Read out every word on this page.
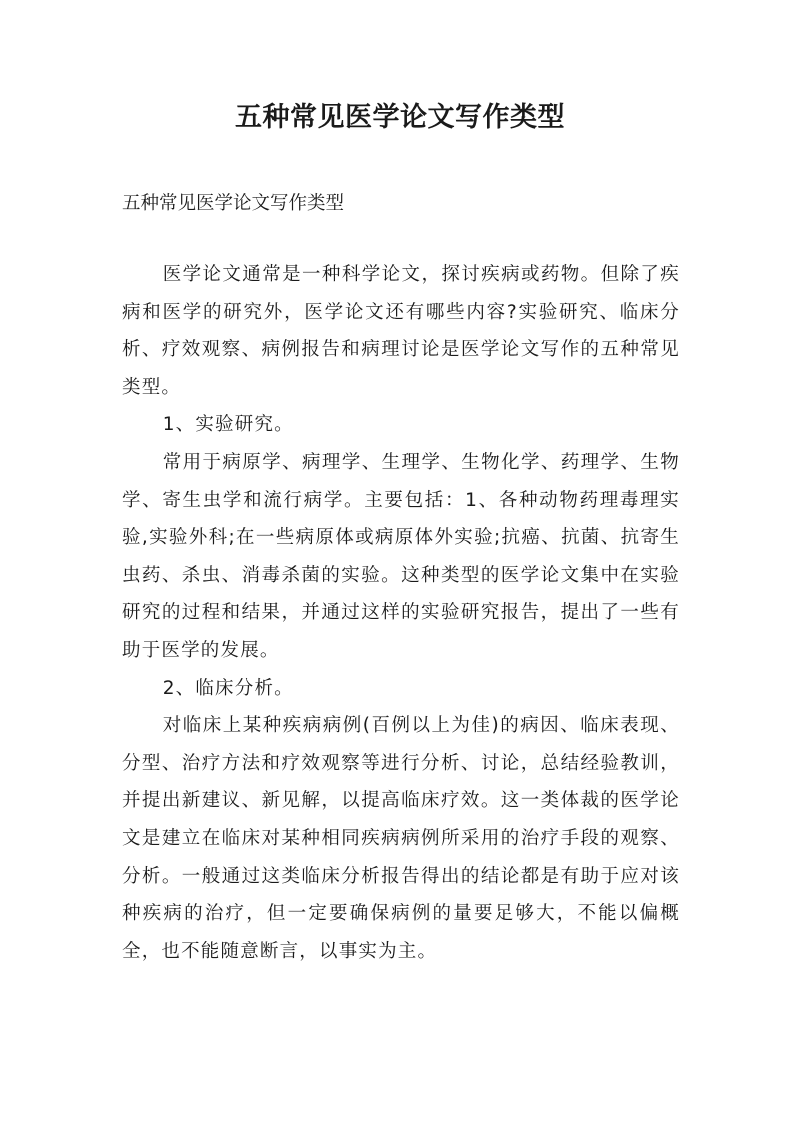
五种常见医学论文写作类型
五种常见医学论文写作类型

医学论文通常是一种科学论文，探讨疾病或药物。但除了疾病和医学的研究外，医学论文还有哪些内容?实验研究、临床分析、疗效观察、病例报告和病理讨论是医学论文写作的五种常见类型。

1、实验研究。

常用于病原学、病理学、生理学、生物化学、药理学、生物学、寄生虫学和流行病学。主要包括：1、各种动物药理毒理实验,实验外科;在一些病原体或病原体外实验;抗癌、抗菌、抗寄生虫药、杀虫、消毒杀菌的实验。这种类型的医学论文集中在实验研究的过程和结果，并通过这样的实验研究报告，提出了一些有助于医学的发展。

2、临床分析。

对临床上某种疾病病例(百例以上为佳)的病因、临床表现、分型、治疗方法和疗效观察等进行分析、讨论，总结经验教训，并提出新建议、新见解，以提高临床疗效。这一类体裁的医学论文是建立在临床对某种相同疾病病例所采用的治疗手段的观察、分析。一般通过这类临床分析报告得出的结论都是有助于应对该种疾病的治疗，但一定要确保病例的量要足够大，不能以偏概全，也不能随意断言，以事实为主。
